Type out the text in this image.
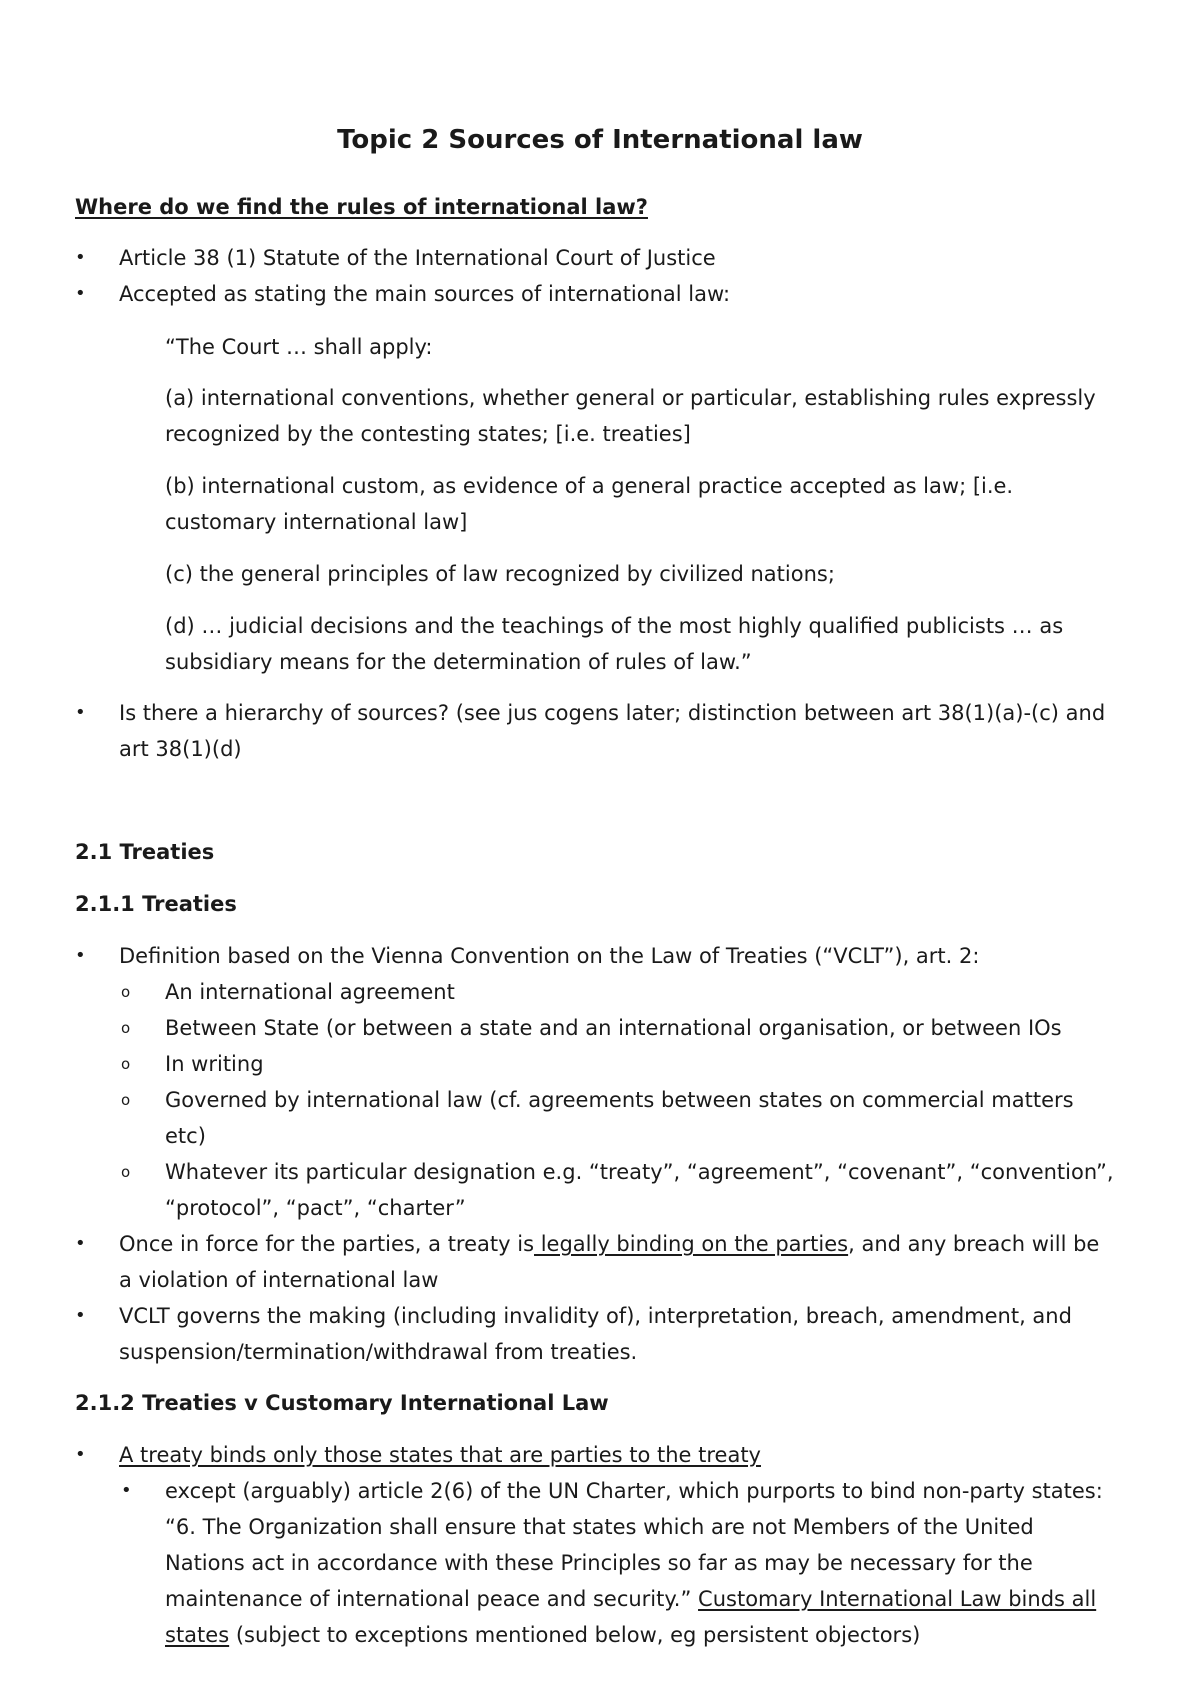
Topic 2 Sources of International law
Where do we find the rules of international law?
• Article 38 (1) Statute of the International Court of Justice
• Accepted as stating the main sources of international law:
“The Court … shall apply:
(a) international conventions, whether general or particular, establishing rules expressly
recognized by the contesting states; [i.e. treaties]
(b) international custom, as evidence of a general practice accepted as law; [i.e.
customary international law]
(c) the general principles of law recognized by civilized nations;
(d) … judicial decisions and the teachings of the most highly qualified publicists … as
subsidiary means for the determination of rules of law.”
• Is there a hierarchy of sources? (see jus cogens later; distinction between art 38(1)(a)-(c) and
art 38(1)(d)
2.1 Treaties
2.1.1 Treaties
• Definition based on the Vienna Convention on the Law of Treaties (“VCLT”), art. 2:
o An international agreement
o Between State (or between a state and an international organisation, or between IOs
o In writing
o Governed by international law (cf. agreements between states on commercial matters
etc)
o Whatever its particular designation e.g. “treaty”, “agreement”, “covenant”, “convention”,
“protocol”, “pact”, “charter”
• Once in force for the parties, a treaty is legally binding on the parties, and any breach will be
a violation of international law
• VCLT governs the making (including invalidity of), interpretation, breach, amendment, and
suspension/termination/withdrawal from treaties.
2.1.2 Treaties v Customary International Law
• A treaty binds only those states that are parties to the treaty
• except (arguably) article 2(6) of the UN Charter, which purports to bind non-party states:
“6. The Organization shall ensure that states which are not Members of the United
Nations act in accordance with these Principles so far as may be necessary for the
maintenance of international peace and security.” Customary International Law binds all
states (subject to exceptions mentioned below, eg persistent objectors)
